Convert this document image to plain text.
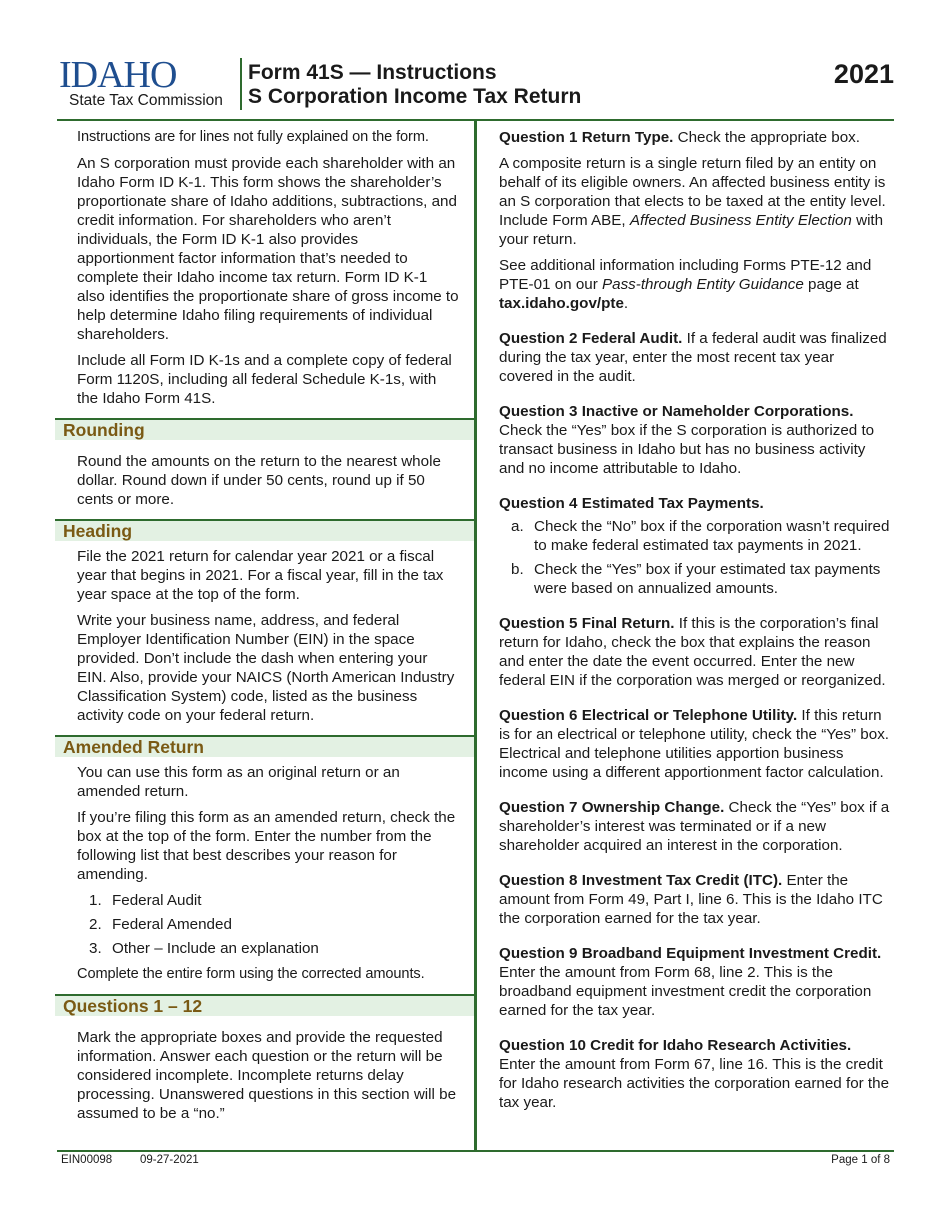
IDAHO
State Tax Commission
Form 41S — Instructions
S Corporation Income Tax Return
2021

Instructions are for lines not fully explained on the form.

An S corporation must provide each shareholder with an Idaho Form ID K-1. This form shows the shareholder’s proportionate share of Idaho additions, subtractions, and credit information. For shareholders who aren’t individuals, the Form ID K-1 also provides apportionment factor information that’s needed to complete their Idaho income tax return. Form ID K-1 also identifies the proportionate share of gross income to help determine Idaho filing requirements of individual shareholders.

Include all Form ID K-1s and a complete copy of federal Form 1120S, including all federal Schedule K-1s, with the Idaho Form 41S.

Rounding

Round the amounts on the return to the nearest whole dollar. Round down if under 50 cents, round up if 50 cents or more.

Heading

File the 2021 return for calendar year 2021 or a fiscal year that begins in 2021. For a fiscal year, fill in the tax year space at the top of the form.

Write your business name, address, and federal Employer Identification Number (EIN) in the space provided. Don’t include the dash when entering your EIN. Also, provide your NAICS (North American Industry Classification System) code, listed as the business activity code on your federal return.

Amended Return

You can use this form as an original return or an amended return.

If you’re filing this form as an amended return, check the box at the top of the form. Enter the number from the following list that best describes your reason for amending.

1. Federal Audit
2. Federal Amended
3. Other – Include an explanation

Complete the entire form using the corrected amounts.

Questions 1 – 12

Mark the appropriate boxes and provide the requested information. Answer each question or the return will be considered incomplete. Incomplete returns delay processing. Unanswered questions in this section will be assumed to be a “no.”

Question 1 Return Type. Check the appropriate box.

A composite return is a single return filed by an entity on behalf of its eligible owners. An affected business entity is an S corporation that elects to be taxed at the entity level. Include Form ABE, Affected Business Entity Election with your return.

See additional information including Forms PTE-12 and PTE-01 on our Pass-through Entity Guidance page at tax.idaho.gov/pte.

Question 2 Federal Audit. If a federal audit was finalized during the tax year, enter the most recent tax year covered in the audit.

Question 3 Inactive or Nameholder Corporations.
Check the “Yes” box if the S corporation is authorized to transact business in Idaho but has no business activity and no income attributable to Idaho.

Question 4 Estimated Tax Payments.

a. Check the “No” box if the corporation wasn’t required to make federal estimated tax payments in 2021.
b. Check the “Yes” box if your estimated tax payments were based on annualized amounts.

Question 5 Final Return. If this is the corporation’s final return for Idaho, check the box that explains the reason and enter the date the event occurred. Enter the new federal EIN if the corporation was merged or reorganized.

Question 6 Electrical or Telephone Utility. If this return is for an electrical or telephone utility, check the “Yes” box. Electrical and telephone utilities apportion business income using a different apportionment factor calculation.

Question 7 Ownership Change. Check the “Yes” box if a shareholder’s interest was terminated or if a new shareholder acquired an interest in the corporation.

Question 8 Investment Tax Credit (ITC). Enter the amount from Form 49, Part I, line 6. This is the Idaho ITC the corporation earned for the tax year.

Question 9 Broadband Equipment Investment Credit.
Enter the amount from Form 68, line 2. This is the broadband equipment investment credit the corporation earned for the tax year.

Question 10 Credit for Idaho Research Activities.
Enter the amount from Form 67, line 16. This is the credit for Idaho research activities the corporation earned for the tax year.

EIN00098 09-27-2021	Page 1 of 8
